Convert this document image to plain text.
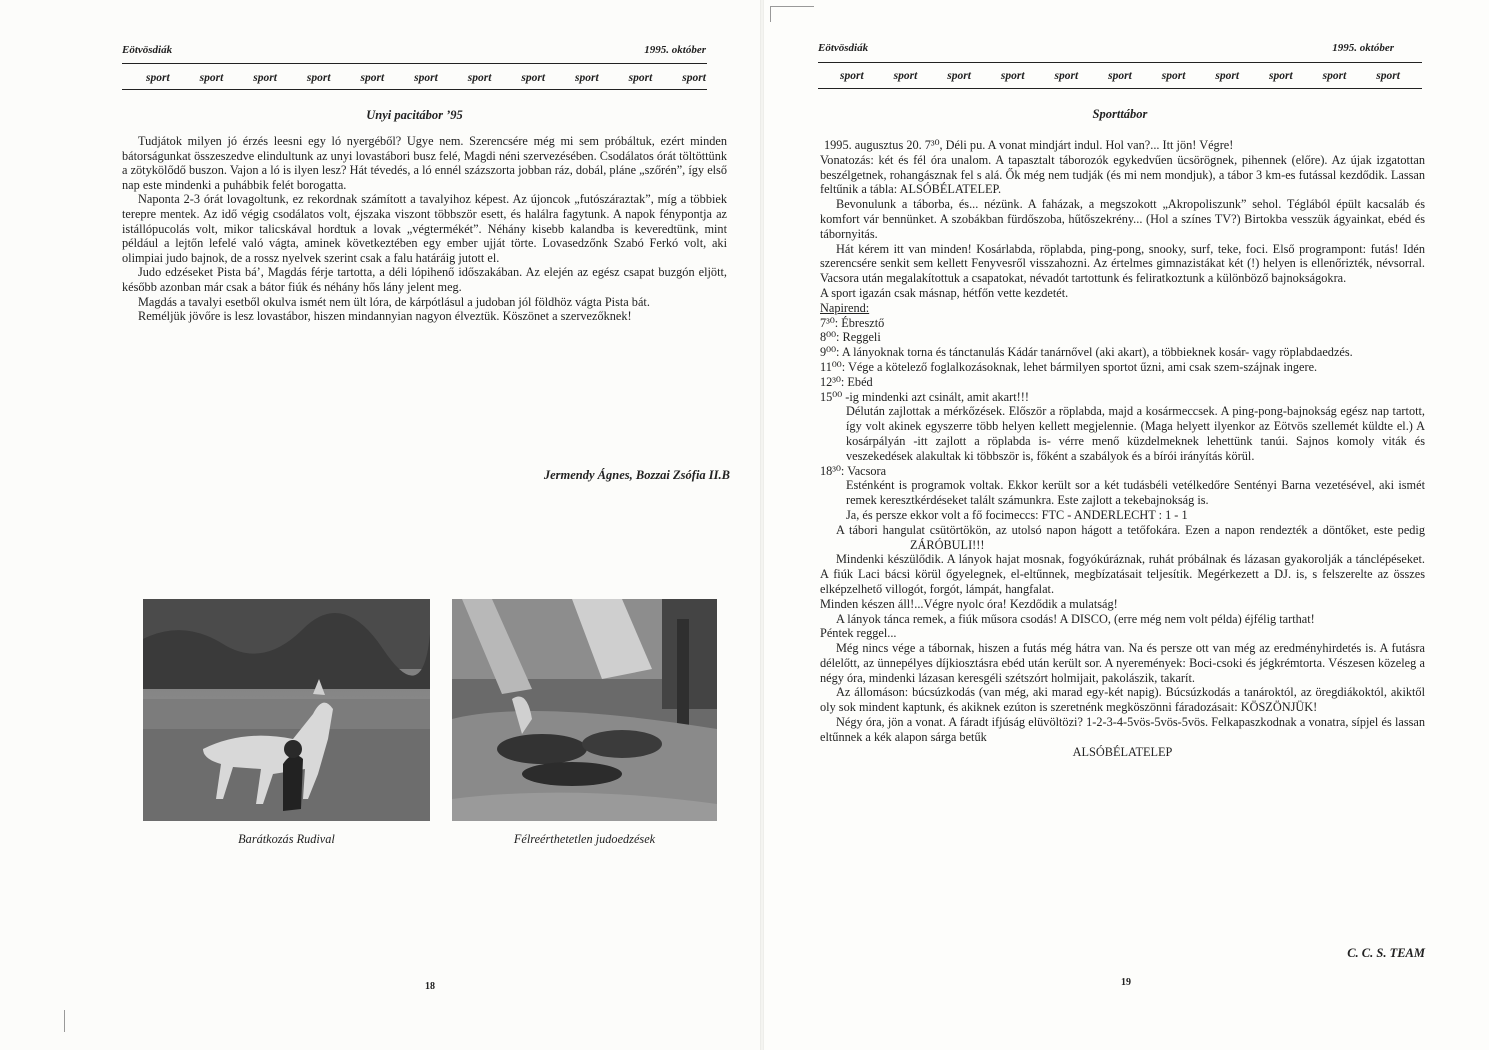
Eötvösdiák	1995. október
sport	sport	sport	sport	sport	sport	sport	sport	sport	sport	sport
Unyi pacitábor ’95

Tudjátok milyen jó érzés leesni egy ló nyergéből? Ugye nem. Szerencsére még mi sem próbáltuk, ezért minden bátorságunkat összeszedve elindultunk az unyi lovastábori busz felé, Magdi néni szervezésében. Csodálatos órát töltöttünk a zötykölődő buszon. Vajon a ló is ilyen lesz? Hát tévedés, a ló ennél százszorta jobban ráz, dobál, pláne „szőrén”, így első nap este mindenki a puhábbik felét borogatta.

Naponta 2-3 órát lovagoltunk, ez rekordnak számított a tavalyihoz képest. Az újoncok „futószáraztak”, míg a többiek terepre mentek. Az idő végig csodálatos volt, éjszaka viszont többször esett, és halálra fagytunk. A napok fénypontja az istállópucolás volt, mikor talicskával hordtuk a lovak „végtermékét”. Néhány kisebb kalandba is keveredtünk, mint például a lejtőn lefelé való vágta, aminek következtében egy ember ujját törte. Lovasedzőnk Szabó Ferkó volt, aki olimpiai judo bajnok, de a rossz nyelvek szerint csak a falu határáig jutott el.

Judo edzéseket Pista bá’, Magdás férje tartotta, a déli lópihenő időszakában. Az elején az egész csapat buzgón eljött, később azonban már csak a bátor fiúk és néhány hős lány jelent meg.

Magdás a tavalyi esetből okulva ismét nem ült lóra, de kárpótlásul a judoban jól földhöz vágta Pista bát.

Reméljük jövőre is lesz lovastábor, hiszen mindannyian nagyon élveztük. Köszönet a szervezőknek!

Jermendy Ágnes, Bozzai Zsófia II.B
Barátkozás Rudival	Félreérthetetlen judoedzések
18
Eötvösdiák	1995. október
sport	sport	sport	sport	sport	sport	sport	sport	sport	sport	sport
Sporttábor

1995. augusztus 20. 7³⁰, Déli pu. A vonat mindjárt indul. Hol van?... Itt jön! Végre!

Vonatozás: két és fél óra unalom. A tapasztalt táborozók egykedvűen ücsörögnek, pihennek (előre). Az újak izgatottan beszélgetnek, rohangásznak fel s alá. Ők még nem tudják (és mi nem mondjuk), a tábor 3 km-es futással kezdődik. Lassan feltűnik a tábla: ALSÓBÉLATELEP.

Bevonulunk a táborba, és... nézünk. A faházak, a megszokott „Akropoliszunk” sehol. Téglából épült kacsaláb és komfort vár bennünket. A szobákban fürdőszoba, hűtőszekrény... (Hol a színes TV?) Birtokba vesszük ágyainkat, ebéd és tábornyitás.

Hát kérem itt van minden! Kosárlabda, röplabda, ping-pong, snooky, surf, teke, foci. Első programpont: futás! Idén szerencsére senkit sem kellett Fenyvesről visszahozni. Az értelmes gimnazistákat két (!) helyen is ellenőrizték, névsorral. Vacsora után megalakítottuk a csapatokat, névadót tartottunk és feliratkoztunk a különböző bajnokságokra.

A sport igazán csak másnap, hétfőn vette kezdetét.

Napirend:

7³⁰: Ébresztő

8⁰⁰: Reggeli

9⁰⁰: A lányoknak torna és tánctanulás Kádár tanárnővel (aki akart), a többieknek kosár- vagy röplabdaedzés.

11⁰⁰: Vége a kötelező foglalkozásoknak, lehet bármilyen sportot űzni, ami csak szem-szájnak ingere.

12³⁰: Ebéd

15⁰⁰ -ig mindenki azt csinált, amit akart!!!

Délután zajlottak a mérkőzések. Először a röplabda, majd a kosármeccsek. A ping-pong-bajnokság egész nap tartott, így volt akinek egyszerre több helyen kellett megjelennie. (Maga helyett ilyenkor az Eötvös szellemét küldte el.) A kosárpályán -itt zajlott a röplabda is- vérre menő küzdelmeknek lehettünk tanúi. Sajnos komoly viták és veszekedések alakultak ki többször is, főként a szabályok és a bírói irányítás körül.

18³⁰: Vacsora

Esténként is programok voltak. Ekkor került sor a két tudásbéli vetélkedőre Sentényi Barna vezetésével, aki ismét remek keresztkérdéseket talált számunkra. Este zajlott a tekebajnokság is.

Ja, és persze ekkor volt a fő focimeccs: FTC - ANDERLECHT : 1 - 1

A tábori hangulat csütörtökön, az utolsó napon hágott a tetőfokára. Ezen a napon rendezték a döntőket, este pedigZÁRÓBULI!!!

Mindenki készülődik. A lányok hajat mosnak, fogyókúráznak, ruhát próbálnak és lázasan gyakorolják a tánclépéseket. A fiúk Laci bácsi körül őgyelegnek, el-eltűnnek, megbízatásait teljesítik. Megérkezett a DJ. is, s felszerelte az összes elképzelhető villogót, forgót, lámpát, hangfalat.

Minden készen áll!...Végre nyolc óra! Kezdődik a mulatság!

A lányok tánca remek, a fiúk műsora csodás! A DISCO, (erre még nem volt példa) éjfélig tarthat!

Péntek reggel...

Még nincs vége a tábornak, hiszen a futás még hátra van. Na és persze ott van még az eredményhirdetés is. A futásra délelőtt, az ünnepélyes díjkiosztásra ebéd után került sor. A nyeremények: Boci-csoki és jégkrémtorta. Vészesen közeleg a négy óra, mindenki lázasan keresgéli szétszórt holmijait, pakolászik, takarít.

Az állomáson: búcsúzkodás (van még, aki marad egy-két napig). Búcsúzkodás a tanároktól, az öregdiákoktól, akiktől oly sok mindent kaptunk, és akiknek ezúton is szeretnénk megköszönni fáradozásait: KÖSZÖNJÜK!

Négy óra, jön a vonat. A fáradt ifjúság elüvöltözi? 1-2-3-4-5vös-5vös-5vös. Felkapaszkodnak a vonatra, sípjel és lassan eltűnnek a kék alapon sárga betűk

ALSÓBÉLATELEP

C. C. S. TEAM
19
